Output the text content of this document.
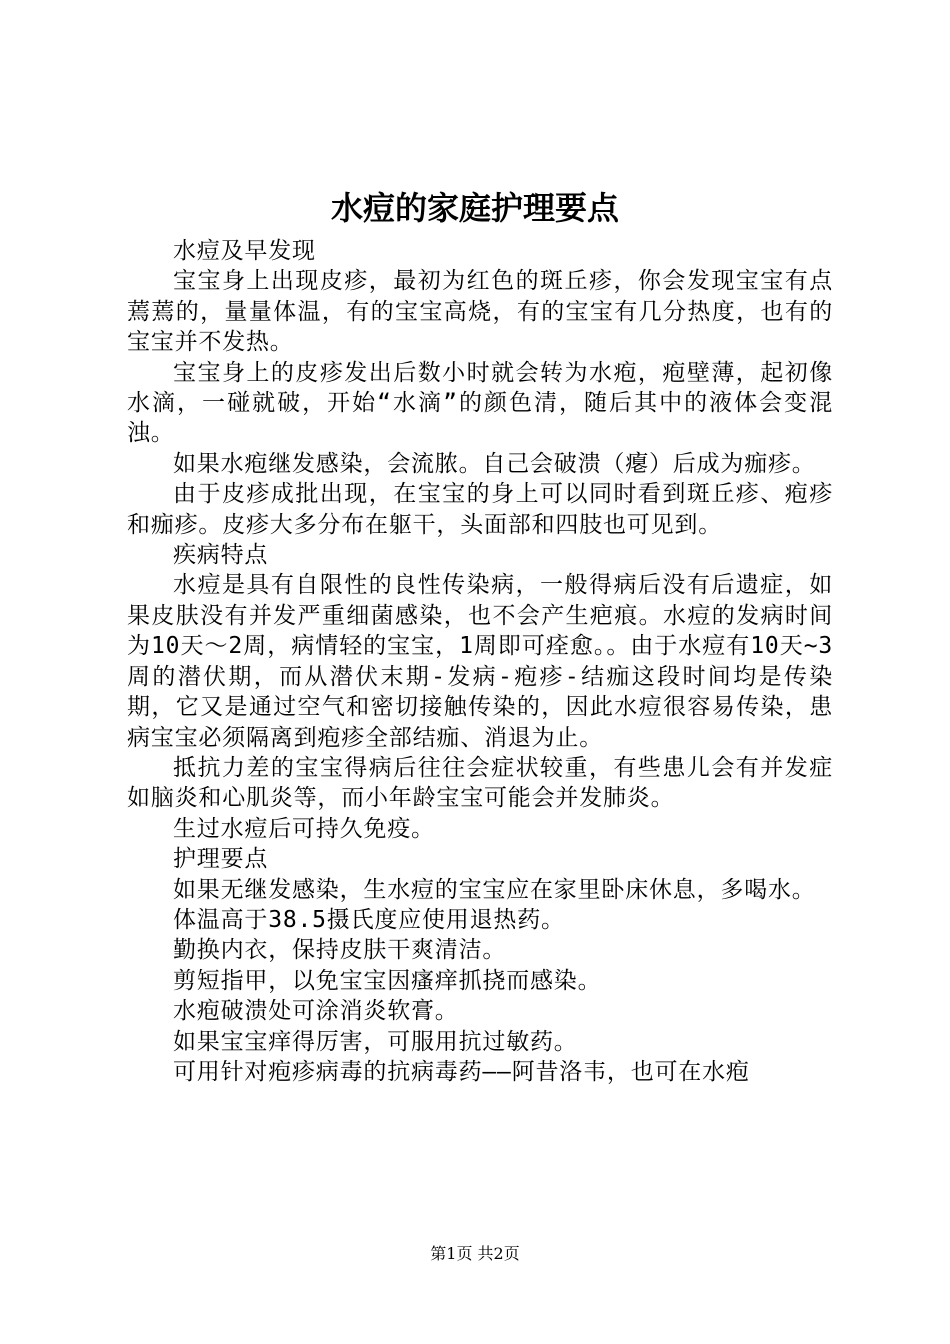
水痘的家庭护理要点

水痘及早发现

宝宝身上出现皮疹，最初为红色的斑丘疹，你会发现宝宝有点蔫蔫的，量量体温，有的宝宝高烧，有的宝宝有几分热度，也有的宝宝并不发热。

宝宝身上的皮疹发出后数小时就会转为水疱，疱壁薄，起初像水滴，一碰就破，开始“水滴”的颜色清，随后其中的液体会变混浊。

如果水疱继发感染，会流脓。自己会破溃（瘪）后成为痂疹。

由于皮疹成批出现，在宝宝的身上可以同时看到斑丘疹、疱疹和痂疹。皮疹大多分布在躯干，头面部和四肢也可见到。

疾病特点

水痘是具有自限性的良性传染病，一般得病后没有后遗症，如果皮肤没有并发严重细菌感染，也不会产生疤痕。水痘的发病时间为10天～2周，病情轻的宝宝，1周即可痊愈。。由于水痘有10天~3周的潜伏期，而从潜伏末期-发病-疱疹-结痂这段时间均是传染期，它又是通过空气和密切接触传染的，因此水痘很容易传染，患病宝宝必须隔离到疱疹全部结痂、消退为止。

抵抗力差的宝宝得病后往往会症状较重，有些患儿会有并发症如脑炎和心肌炎等，而小年龄宝宝可能会并发肺炎。

生过水痘后可持久免疫。

护理要点

如果无继发感染，生水痘的宝宝应在家里卧床休息，多喝水。

体温高于38.5摄氏度应使用退热药。

勤换内衣，保持皮肤干爽清洁。

剪短指甲，以免宝宝因瘙痒抓挠而感染。

水疱破溃处可涂消炎软膏。

如果宝宝痒得厉害，可服用抗过敏药。

可用针对疱疹病毒的抗病毒药——阿昔洛韦，也可在水疱

第1页 共2页
